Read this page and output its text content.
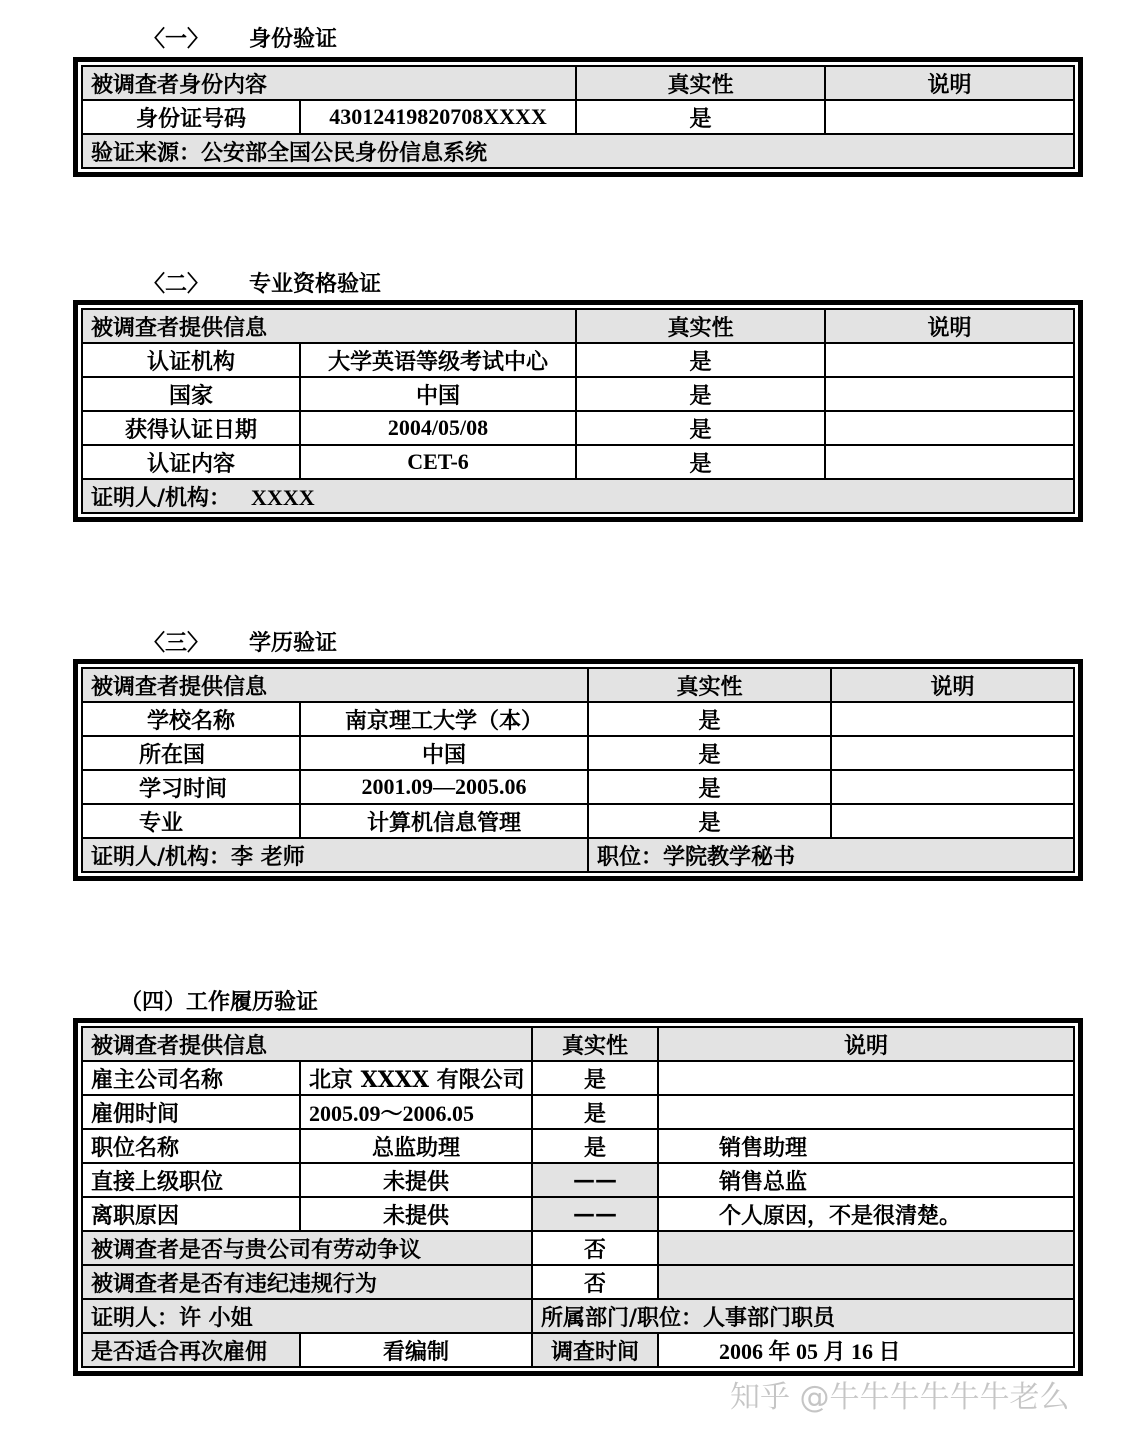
〈一〉 身份验证
被调查者身份内容		真实性	说明
身份证号码	43012419820708XXXX	是	
验证来源：公安部全国公民身份信息系统			
〈二〉 专业资格验证
被调查者提供信息		真实性	说明
认证机构	大学英语等级考试中心	是	
国家	中国	是	
获得认证日期	2004/05/08	是	
认证内容	CET-6	是	
证明人/机构： XXXX			
〈三〉 学历验证
被调查者提供信息		真实性	说明
学校名称	南京理工大学（本）	是	
所在国	中国	是	
学习时间	2001.09—2005.06	是	
专业	计算机信息管理	是	
证明人/机构：李 老师		职位：学院教学秘书	
（四）工作履历验证
被调查者提供信息		真实性	说明
雇主公司名称	北京 XXXX 有限公司	是	
雇佣时间	2005.09～2006.05	是	
职位名称	总监助理	是	销售助理
直接上级职位	未提供	——	销售总监
离职原因	未提供	——	个人原因，不是很清楚。
被调查者是否与贵公司有劳动争议		否	
被调查者是否有违纪违规行为		否	
证明人：许 小姐		所属部门/职位：人事部门职员	
是否适合再次雇佣	看编制	调查时间	2006 年 05 月 16 日
知乎 @牛牛牛牛牛牛老么
